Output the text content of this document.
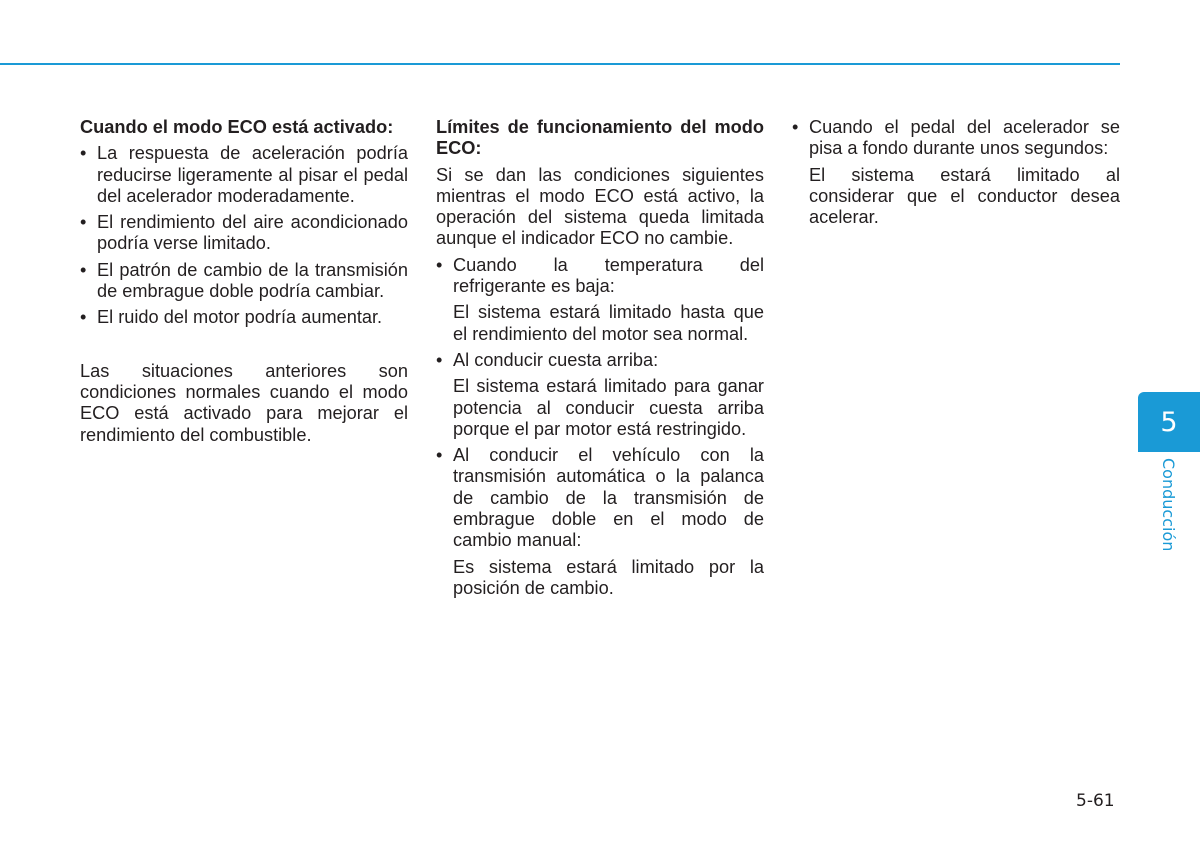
Cuando el modo ECO está activado:

• La respuesta de aceleración podría reducirse ligeramente al pisar el pedal del acelerador moderadamente.
• El rendimiento del aire acondicionado podría verse limitado.
• El patrón de cambio de la transmisión de embrague doble podría cambiar.
• El ruido del motor podría aumentar.

Las situaciones anteriores son condiciones normales cuando el modo ECO está activado para mejorar el rendimiento del combustible.

Límites de funcionamiento del modo ECO:

Si se dan las condiciones siguientes mientras el modo ECO está activo, la operación del sistema queda limitada aunque el indicador ECO no cambie.

• Cuando la temperatura del refrigerante es baja:
El sistema estará limitado hasta que el rendimiento del motor sea normal.
• Al conducir cuesta arriba:
El sistema estará limitado para ganar potencia al conducir cuesta arriba porque el par motor está restringido.
• Al conducir el vehículo con la transmisión automática o la palanca de cambio de la transmisión de embrague doble en el modo de cambio manual:
Es sistema estará limitado por la posición de cambio.
• Cuando el pedal del acelerador se pisa a fondo durante unos segundos:
El sistema estará limitado al considerar que el conductor desea acelerar.
5
Conducción
5-61
